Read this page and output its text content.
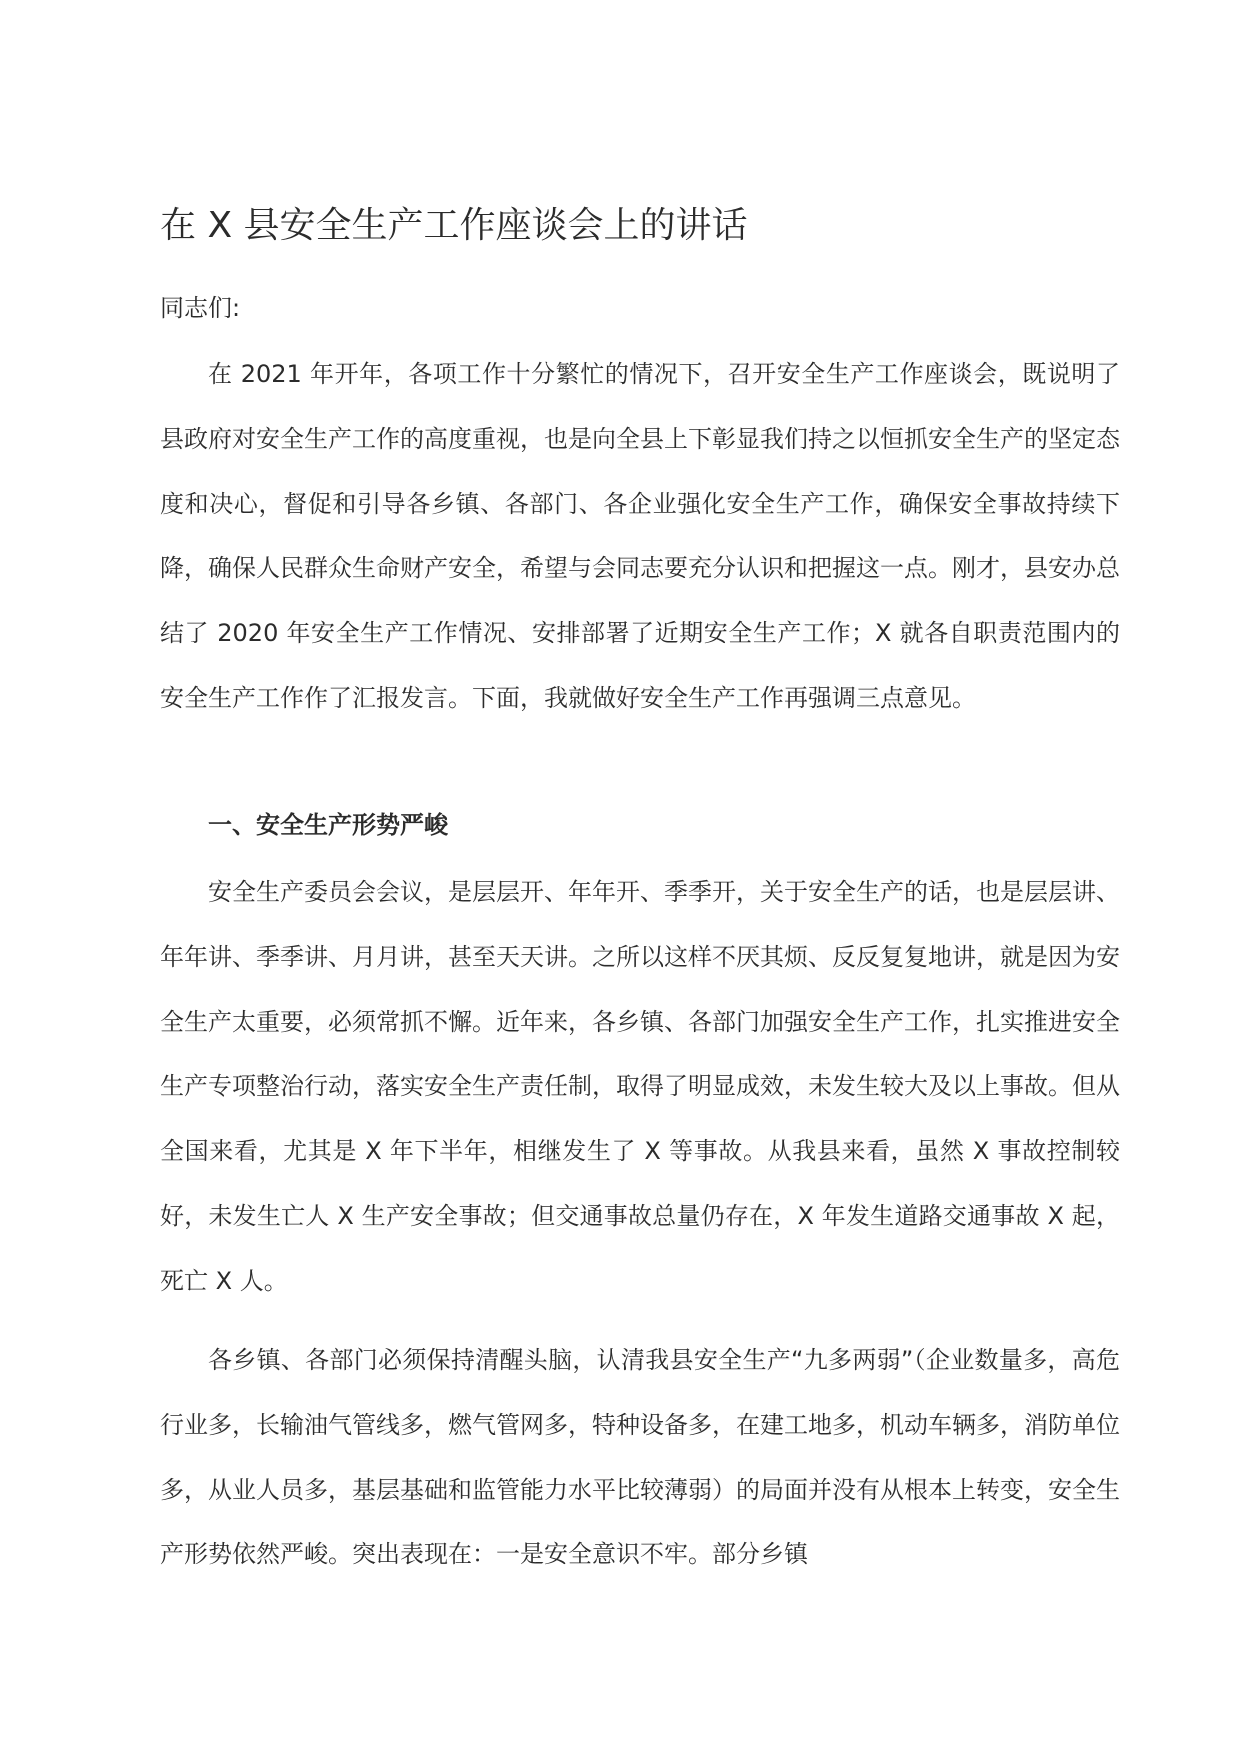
在 X 县安全生产工作座谈会上的讲话
同志们:

在 2021 年开年，各项工作十分繁忙的情况下，召开安全生产工作座谈会，既说明了县政府对安全生产工作的高度重视，也是向全县上下彰显我们持之以恒抓安全生产的坚定态度和决心，督促和引导各乡镇、各部门、各企业强化安全生产工作，确保安全事故持续下降，确保人民群众生命财产安全，希望与会同志要充分认识和把握这一点。刚才，县安办总结了 2020 年安全生产工作情况、安排部署了近期安全生产工作；X 就各自职责范围内的安全生产工作作了汇报发言。下面，我就做好安全生产工作再强调三点意见。

一、安全生产形势严峻

安全生产委员会会议，是层层开、年年开、季季开，关于安全生产的话，也是层层讲、年年讲、季季讲、月月讲，甚至天天讲。之所以这样不厌其烦、反反复复地讲，就是因为安全生产太重要，必须常抓不懈。近年来，各乡镇、各部门加强安全生产工作，扎实推进安全生产专项整治行动，落实安全生产责任制，取得了明显成效，未发生较大及以上事故。但从全国来看，尤其是 X 年下半年，相继发生了 X 等事故。从我县来看，虽然 X 事故控制较好，未发生亡人 X 生产安全事故；但交通事故总量仍存在，X 年发生道路交通事故 X 起，死亡 X 人。

各乡镇、各部门必须保持清醒头脑，认清我县安全生产“九多两弱”（企业数量多，高危行业多，长输油气管线多，燃气管网多，特种设备多，在建工地多，机动车辆多，消防单位多，从业人员多，基层基础和监管能力水平比较薄弱）的局面并没有从根本上转变，安全生产形势依然严峻。突出表现在：一是安全意识不牢。部分乡镇
